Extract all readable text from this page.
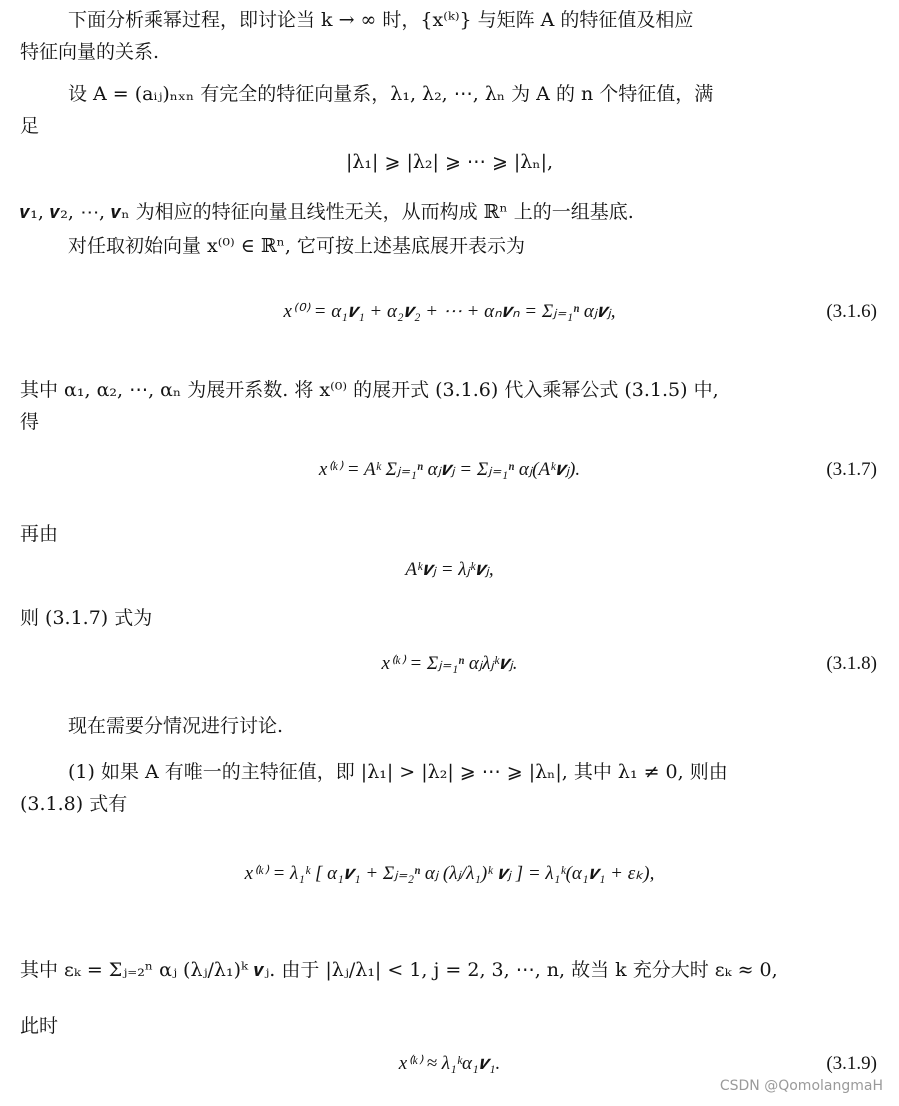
下面分析乘幂过程，即讨论当 k → ∞ 时，{x⁽ᵏ⁾} 与矩阵 A 的特征值及相应
特征向量的关系.
设 A = (aᵢⱼ)ₙₓₙ 有完全的特征向量系，λ₁, λ₂, ⋯, λₙ 为 A 的 n 个特征值，满
足
|λ₁| ⩾ |λ₂| ⩾ ⋯ ⩾ |λₙ|,
𝒗₁, 𝒗₂, ⋯, 𝒗ₙ 为相应的特征向量且线性无关，从而构成 ℝⁿ 上的一组基底.
对任取初始向量 x⁽⁰⁾ ∈ ℝⁿ, 它可按上述基底展开表示为
x⁽⁰⁾ = α₁𝒗₁ + α₂𝒗₂ + ⋯ + αₙ𝒗ₙ = Σⱼ₌₁ⁿ αⱼ𝒗ⱼ,	(3.1.6)
其中 α₁, α₂, ⋯, αₙ 为展开系数. 将 x⁽⁰⁾ 的展开式 (3.1.6) 代入乘幂公式 (3.1.5) 中,
得
x⁽ᵏ⁾ = Aᵏ Σⱼ₌₁ⁿ αⱼ𝒗ⱼ = Σⱼ₌₁ⁿ αⱼ(Aᵏ𝒗ⱼ).	(3.1.7)
再由
Aᵏ𝒗ⱼ = λⱼᵏ𝒗ⱼ,
则 (3.1.7) 式为
x⁽ᵏ⁾ = Σⱼ₌₁ⁿ αⱼλⱼᵏ𝒗ⱼ.	(3.1.8)
现在需要分情况进行讨论.
(1) 如果 A 有唯一的主特征值，即 |λ₁| > |λ₂| ⩾ ⋯ ⩾ |λₙ|, 其中 λ₁ ≠ 0, 则由
(3.1.8) 式有
x⁽ᵏ⁾ = λ₁ᵏ [ α₁𝒗₁ + Σⱼ₌₂ⁿ αⱼ (λⱼ/λ₁)ᵏ 𝒗ⱼ ] = λ₁ᵏ(α₁𝒗₁ + εₖ),
其中 εₖ = Σⱼ₌₂ⁿ αⱼ (λⱼ/λ₁)ᵏ 𝒗ⱼ. 由于 |λⱼ/λ₁| < 1, j = 2, 3, ⋯, n, 故当 k 充分大时 εₖ ≈ 0,
此时
x⁽ᵏ⁾ ≈ λ₁ᵏα₁𝒗₁.	(3.1.9)
CSDN @QomolangmaH
